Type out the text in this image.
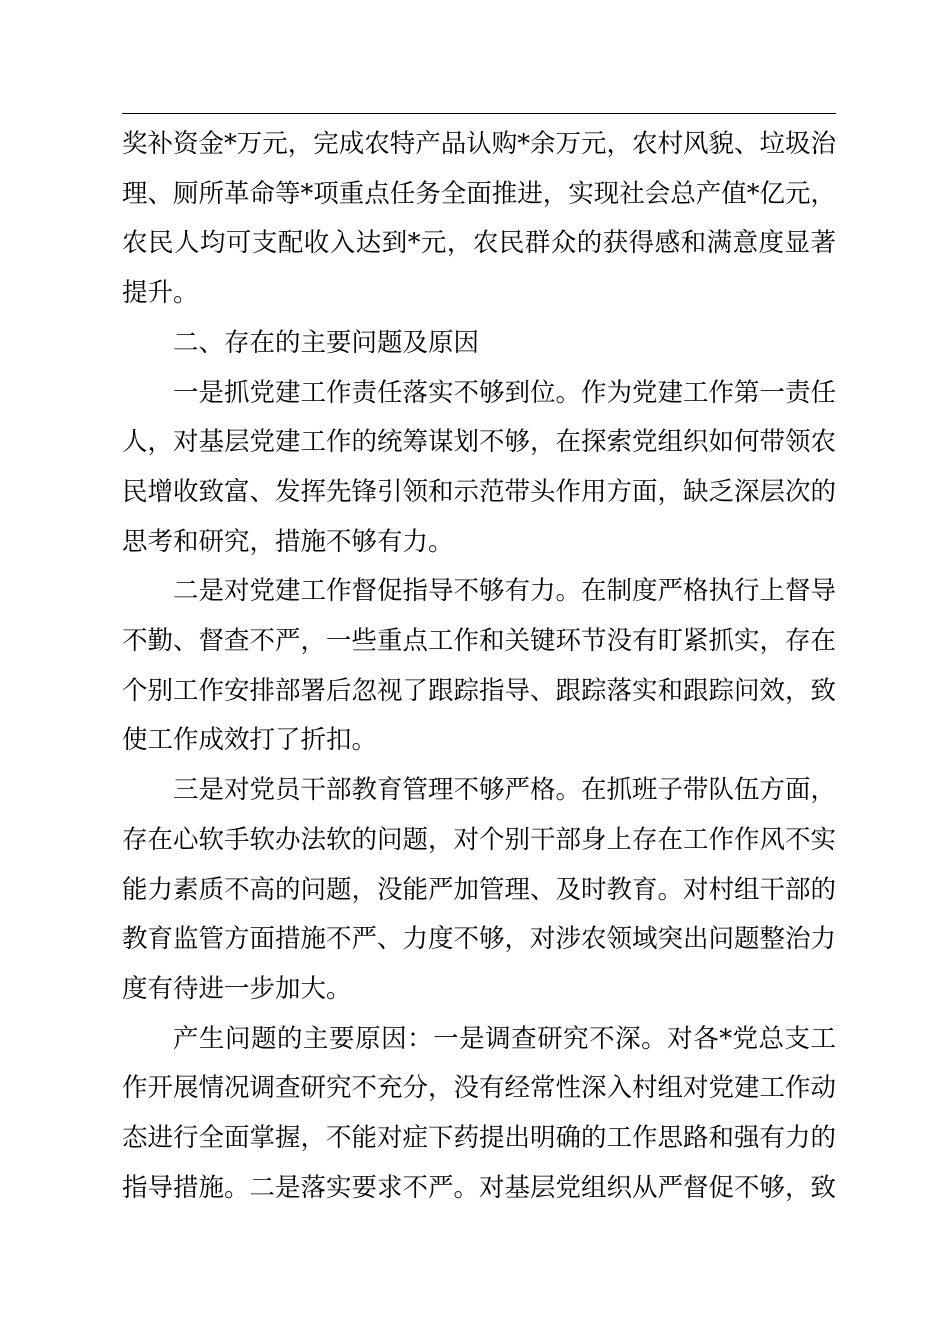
奖补资金*万元，完成农特产品认购*余万元，农村风貌、垃圾治理、厕所革命等*项重点任务全面推进，实现社会总产值*亿元，农民人均可支配收入达到*元，农民群众的获得感和满意度显著提升。

二、存在的主要问题及原因

一是抓党建工作责任落实不够到位。作为党建工作第一责任人，对基层党建工作的统筹谋划不够，在探索党组织如何带领农民增收致富、发挥先锋引领和示范带头作用方面，缺乏深层次的思考和研究，措施不够有力。

二是对党建工作督促指导不够有力。在制度严格执行上督导不勤、督查不严，一些重点工作和关键环节没有盯紧抓实，存在个别工作安排部署后忽视了跟踪指导、跟踪落实和跟踪问效，致使工作成效打了折扣。

三是对党员干部教育管理不够严格。在抓班子带队伍方面，存在心软手软办法软的问题，对个别干部身上存在工作作风不实能力素质不高的问题，没能严加管理、及时教育。对村组干部的教育监管方面措施不严、力度不够，对涉农领域突出问题整治力度有待进一步加大。

产生问题的主要原因：一是调查研究不深。对各*党总支工作开展情况调查研究不充分，没有经常性深入村组对党建工作动态进行全面掌握，不能对症下药提出明确的工作思路和强有力的指导措施。二是落实要求不严。对基层党组织从严督促不够，致
